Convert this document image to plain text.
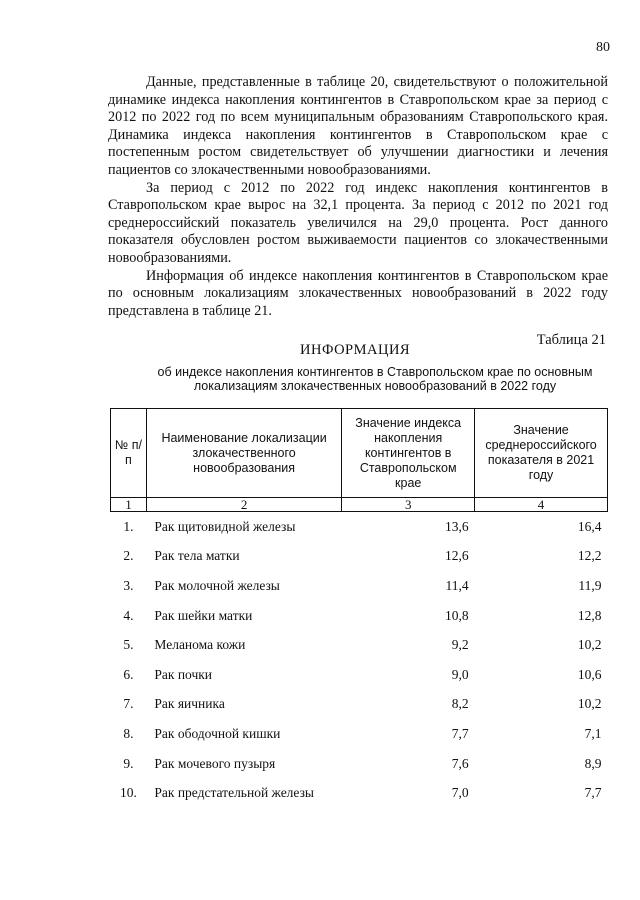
80

Данные, представленные в таблице 20, свидетельствуют о положительной динамике индекса накопления контингентов в Ставропольском крае за период с 2012 по 2022 год по всем муниципальным образованиям Ставропольского края. Динамика индекса накопления контингентов в Ставропольском крае с постепенным ростом свидетельствует об улучшении диагностики и лечения пациентов со злокачественными новообразованиями.

За период с 2012 по 2022 год индекс накопления контингентов в Ставропольском крае вырос на 32,1 процента. За период с 2012 по 2021 год среднероссийский показатель увеличился на 29,0 процента. Рост данного показателя обусловлен ростом выживаемости пациентов со злокачественными новообразованиями.

Информация об индексе накопления контингентов в Ставропольском крае по основным локализациям злокачественных новообразований в 2022 году представлена в таблице 21.

Таблица 21
ИНФОРМАЦИЯ
об индексе накопления контингентов в Ставропольском крае по основным локализациям злокачественных новообразований в 2022 году
№ п/п	Наименование локализации злокачественного новообразования	Значение индекса накопления контингентов в Ставропольском крае	Значение среднероссийского показателя в 2021 году
1	2	3	4
1.	Рак щитовидной железы	13,6	16,4
2.	Рак тела матки	12,6	12,2
3.	Рак молочной железы	11,4	11,9
4.	Рак шейки матки	10,8	12,8
5.	Меланома кожи	9,2	10,2
6.	Рак почки	9,0	10,6
7.	Рак яичника	8,2	10,2
8.	Рак ободочной кишки	7,7	7,1
9.	Рак мочевого пузыря	7,6	8,9
10.	Рак предстательной железы	7,0	7,7
